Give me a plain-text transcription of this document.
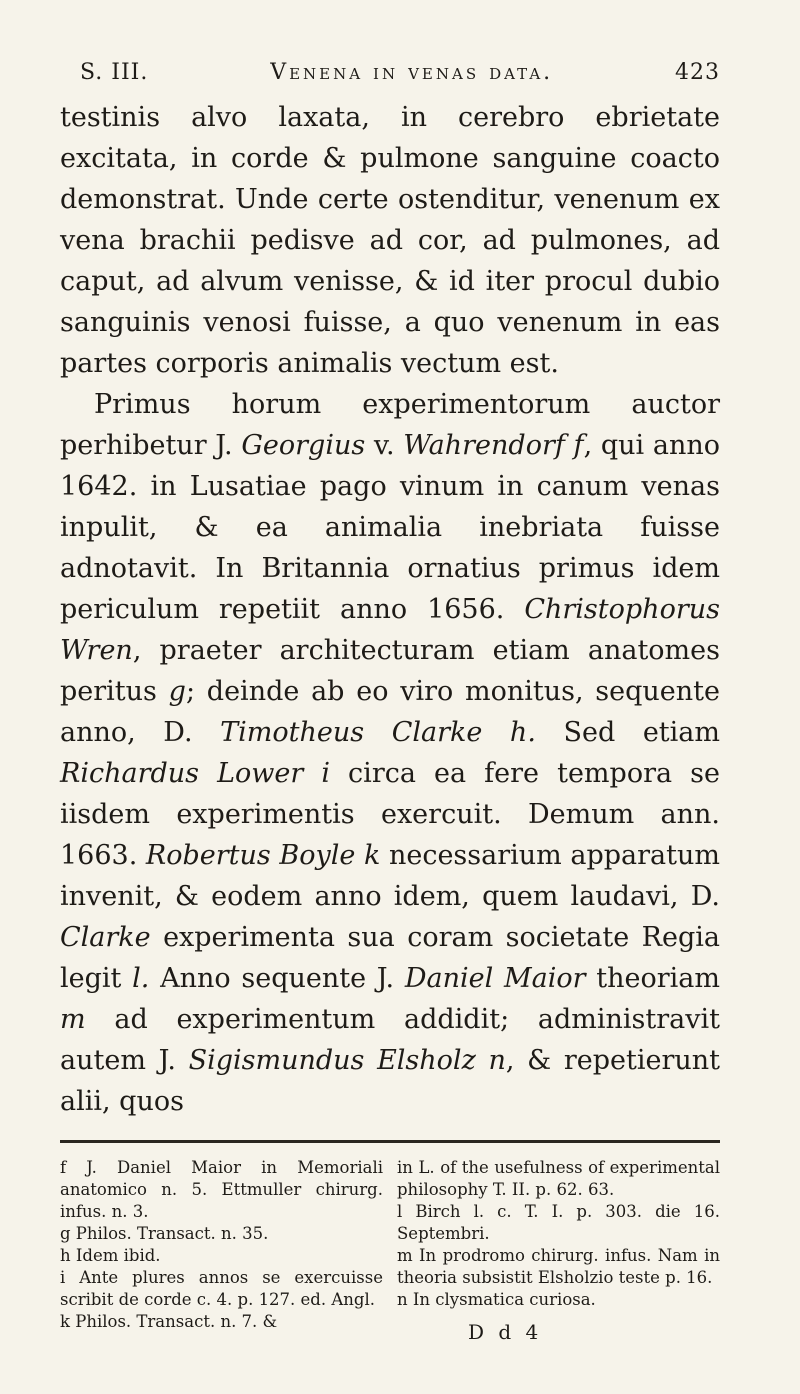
S. III.	Venena in venas data.	423

testinis alvo laxata, in cerebro ebrietate excitata, in corde & pulmone sanguine coacto demonstrat. Unde certe ostenditur, venenum ex vena brachii pedisve ad cor, ad pulmones, ad caput, ad alvum venisse, & id iter procul dubio sanguinis venosi fuisse, a quo venenum in eas partes corporis animalis vectum est.

Primus horum experimentorum auctor perhibetur J. Georgius v. Wahrendorf f, qui anno 1642. in Lusatiae pago vinum in canum venas inpulit, & ea animalia inebriata fuisse adnotavit. In Britannia ornatius primus idem periculum repetiit anno 1656. Christophorus Wren, praeter architecturam etiam anatomes peritus g; deinde ab eo viro monitus, sequente anno, D. Timotheus Clarke h. Sed etiam Richardus Lower i circa ea fere tempora se iisdem experimentis exercuit. Demum ann. 1663. Robertus Boyle k necessarium apparatum invenit, & eodem anno idem, quem laudavi, D. Clarke experimenta sua coram societate Regia legit l. Anno sequente J. Daniel Maior theoriam m ad experimentum addidit; administravit autem J. Sigismundus Elsholz n, & repetierunt alii, quos

f J. Daniel Maior in Memoriali anatomico n. 5. Ettmuller chirurg. infus. n. 3.
g Philos. Transact. n. 35.
h Idem ibid.
i Ante plures annos se exercuisse scribit de corde c. 4. p. 127. ed. Angl.
k Philos. Transact. n. 7. &
in L. of the usefulness of experimental philosophy T. II. p. 62. 63.
l Birch l. c. T. I. p. 303. die 16. Septembri.
m In prodromo chirurg. infus. Nam in theoria subsistit Elsholzio teste p. 16.
n In clysmatica curiosa.
D d 4
